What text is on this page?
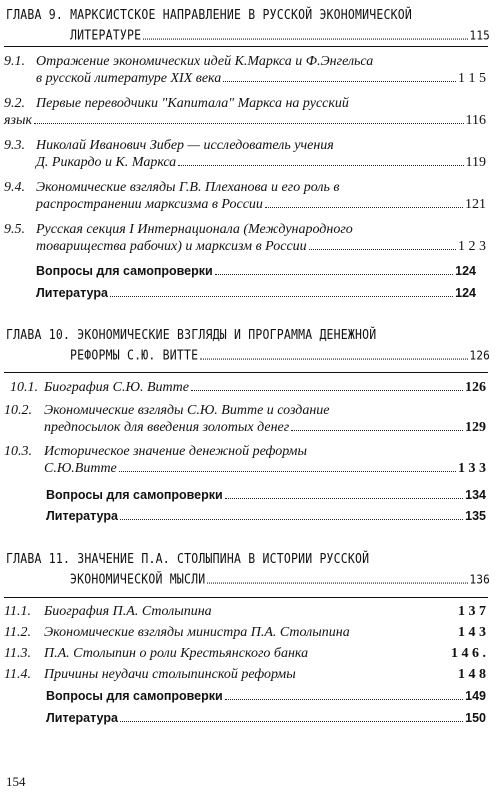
ГЛАВА 9. МАРКСИСТСКОЕ НАПРАВЛЕНИЕ В РУССКОЙ ЭКОНОМИЧЕСКОЙ
ЛИТЕРАТУРЕ	115
9.1. Отражение экономических идей К.Маркса и Ф.Энгельса
в русской литературе XIX века	1 1 5
9.2. Первые переводчики "Капитала" Маркса на русский
язык	116
9.3. Николай Иванович Зибер — исследователь учения
Д. Рикардо и К. Маркса	119
9.4. Экономические взгляды Г.В. Плеханова и его роль в
распространении марксизма в России	121
9.5. Русская секция I Интернационала (Международного
товарищества рабочих) и марксизм в России	1 2 3
Вопросы для самопроверки	124
Литература	124
ГЛАВА 10. ЭКОНОМИЧЕСКИЕ ВЗГЛЯДЫ И ПРОГРАММА ДЕНЕЖНОЙ
РЕФОРМЫ С.Ю. ВИТТЕ	126
10.1. Биография С.Ю. Витте	126
10.2. Экономические взгляды С.Ю. Витте и создание
предпосылок для введения золотых денег	129
10.3. Историческое значение денежной реформы
С.Ю.Витте	1 3 3
Вопросы для самопроверки	134
Литература	135
ГЛАВА 11. ЗНАЧЕНИЕ П.А. СТОЛЫПИНА В ИСТОРИИ РУССКОЙ
ЭКОНОМИЧЕСКОЙ МЫСЛИ	136
11.1. Биография П.А. Столыпина	1 3 7
11.2. Экономические взгляды министра П.А. Столыпина	1 4 3
11.3. П.А. Столыпин о роли Крестьянского банка	1 4 6 .
11.4. Причины неудачи столыпинской реформы	1 4 8
Вопросы для самопроверки	149
Литература	150
154
